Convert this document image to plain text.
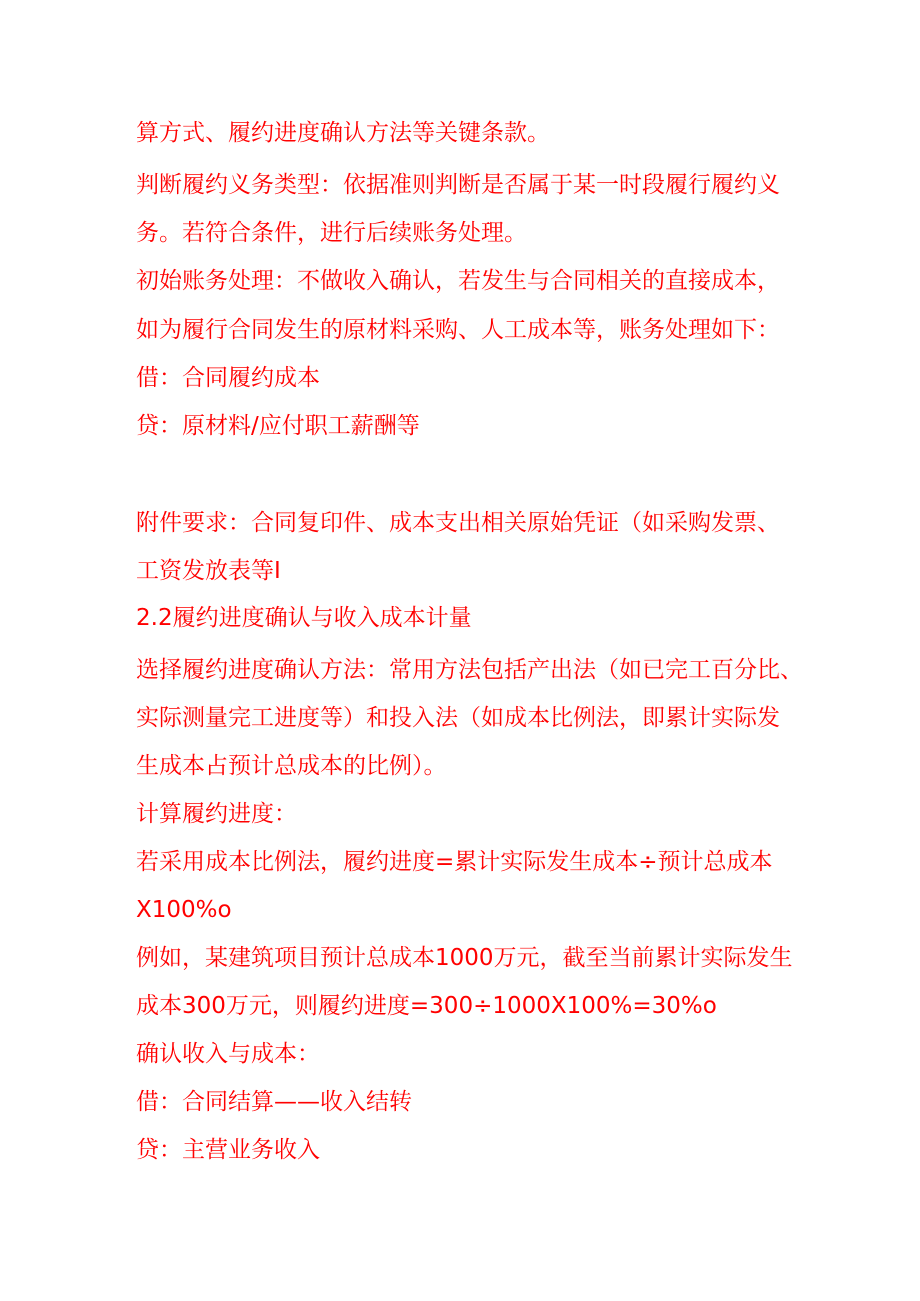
算方式、履约进度确认方法等关键条款。
判断履约义务类型：依据准则判断是否属于某一时段履行履约义
务。若符合条件，进行后续账务处理。
初始账务处理：不做收入确认，若发生与合同相关的直接成本，
如为履行合同发生的原材料采购、人工成本等，账务处理如下：
借：合同履约成本
贷：原材料/应付职工薪酬等
附件要求：合同复印件、成本支出相关原始凭证（如采购发票、
工资发放表等I
2.2履约进度确认与收入成本计量
选择履约进度确认方法：常用方法包括产出法（如已完工百分比、
实际测量完工进度等）和投入法（如成本比例法，即累计实际发
生成本占预计总成本的比例）。
计算履约进度：
若采用成本比例法，履约进度=累计实际发生成本÷预计总成本
X100%o
例如，某建筑项目预计总成本1000万元，截至当前累计实际发生
成本300万元，则履约进度=300÷1000X100%=30%o
确认收入与成本：
借：合同结算——收入结转
贷：主营业务收入
